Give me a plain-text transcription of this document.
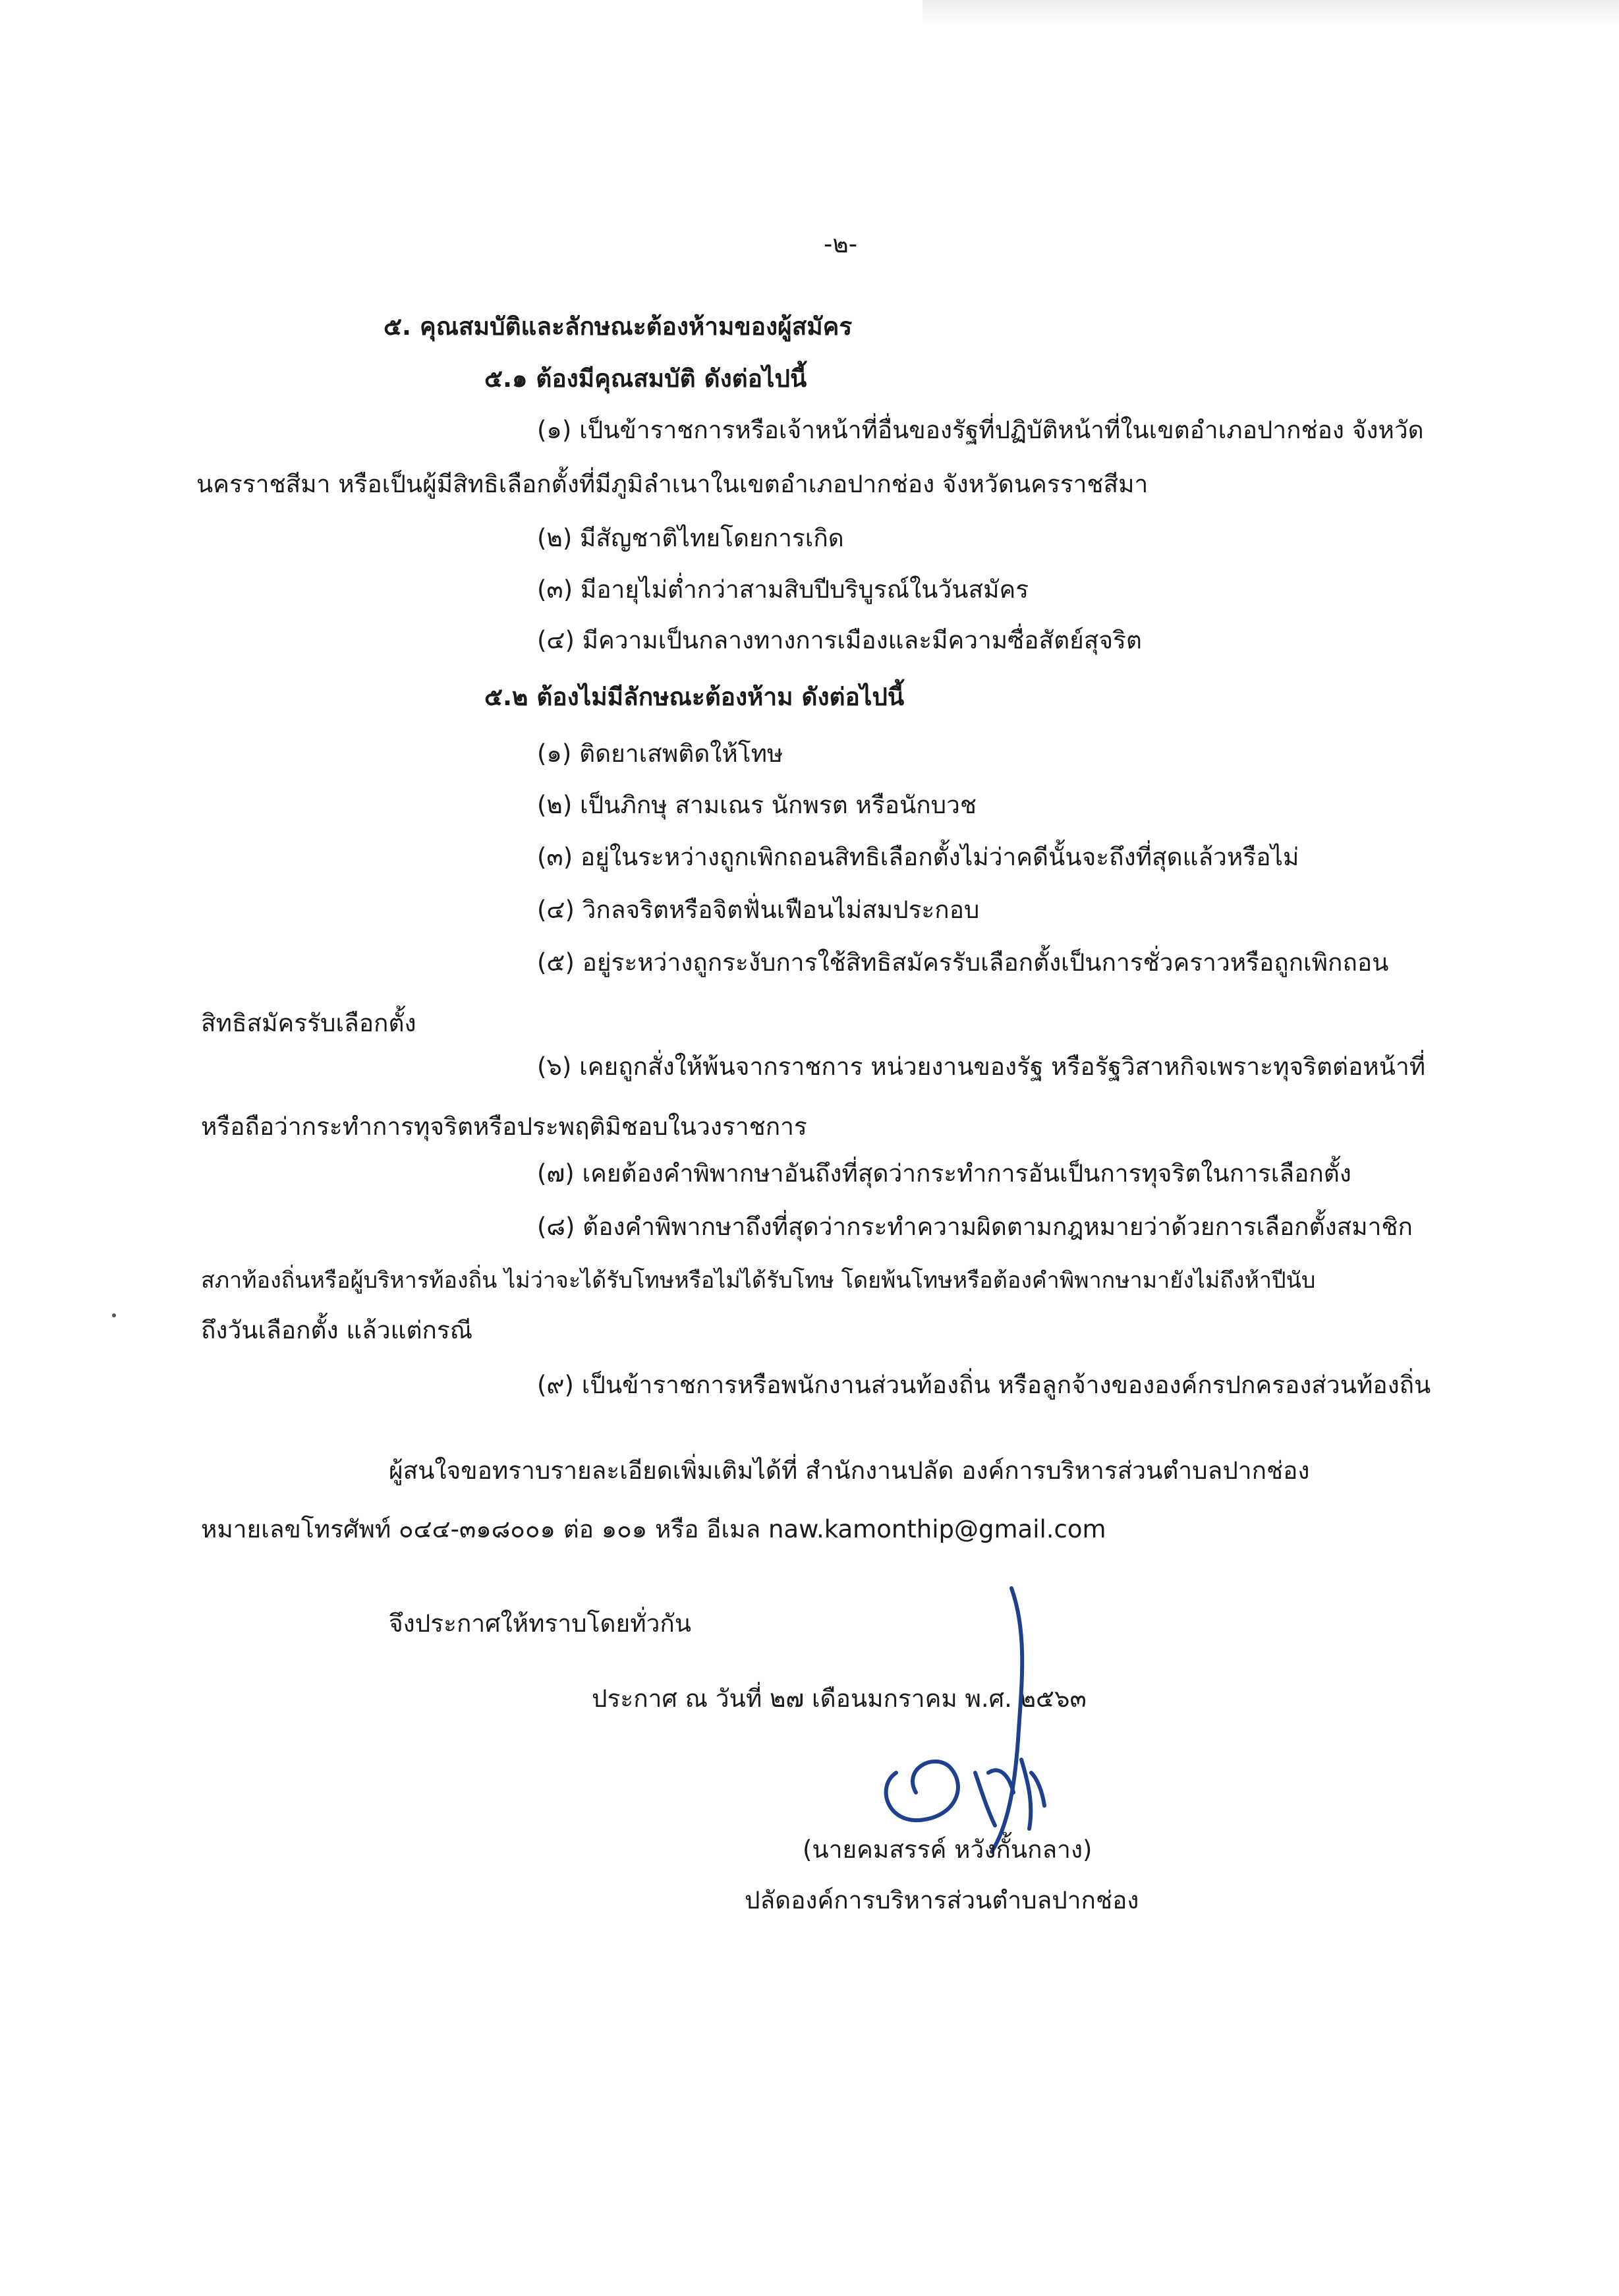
-๒-
๕. คุณสมบัติและลักษณะต้องห้ามของผู้สมัคร
๕.๑ ต้องมีคุณสมบัติ ดังต่อไปนี้
(๑) เป็นข้าราชการหรือเจ้าหน้าที่อื่นของรัฐที่ปฏิบัติหน้าที่ในเขตอำเภอปากช่อง จังหวัด
นครราชสีมา หรือเป็นผู้มีสิทธิเลือกตั้งที่มีภูมิลำเนาในเขตอำเภอปากช่อง จังหวัดนครราชสีมา
(๒) มีสัญชาติไทยโดยการเกิด
(๓) มีอายุไม่ต่ำกว่าสามสิบปีบริบูรณ์ในวันสมัคร
(๔) มีความเป็นกลางทางการเมืองและมีความซื่อสัตย์สุจริต
๕.๒ ต้องไม่มีลักษณะต้องห้าม ดังต่อไปนี้
(๑) ติดยาเสพติดให้โทษ
(๒) เป็นภิกษุ สามเณร นักพรต หรือนักบวช
(๓) อยู่ในระหว่างถูกเพิกถอนสิทธิเลือกตั้งไม่ว่าคดีนั้นจะถึงที่สุดแล้วหรือไม่
(๔) วิกลจริตหรือจิตฟั่นเฟือนไม่สมประกอบ
(๕) อยู่ระหว่างถูกระงับการใช้สิทธิสมัครรับเลือกตั้งเป็นการชั่วคราวหรือถูกเพิกถอน
สิทธิสมัครรับเลือกตั้ง
(๖) เคยถูกสั่งให้พ้นจากราชการ หน่วยงานของรัฐ หรือรัฐวิสาหกิจเพราะทุจริตต่อหน้าที่
หรือถือว่ากระทำการทุจริตหรือประพฤติมิชอบในวงราชการ
(๗) เคยต้องคำพิพากษาอันถึงที่สุดว่ากระทำการอันเป็นการทุจริตในการเลือกตั้ง
(๘) ต้องคำพิพากษาถึงที่สุดว่ากระทำความผิดตามกฎหมายว่าด้วยการเลือกตั้งสมาชิก
สภาท้องถิ่นหรือผู้บริหารท้องถิ่น ไม่ว่าจะได้รับโทษหรือไม่ได้รับโทษ โดยพ้นโทษหรือต้องคำพิพากษามายังไม่ถึงห้าปีนับ
ถึงวันเลือกตั้ง แล้วแต่กรณี
(๙) เป็นข้าราชการหรือพนักงานส่วนท้องถิ่น หรือลูกจ้างขององค์กรปกครองส่วนท้องถิ่น
ผู้สนใจขอทราบรายละเอียดเพิ่มเติมได้ที่ สำนักงานปลัด องค์การบริหารส่วนตำบลปากช่อง
หมายเลขโทรศัพท์ ๐๔๔-๓๑๘๐๐๑ ต่อ ๑๐๑ หรือ อีเมล naw.kamonthip@gmail.com
จึงประกาศให้ทราบโดยทั่วกัน
ประกาศ ณ วันที่ ๒๗ เดือนมกราคม พ.ศ. ๒๕๖๓
(นายคมสรรค์ หวังกั้นกลาง)
ปลัดองค์การบริหารส่วนตำบลปากช่อง
